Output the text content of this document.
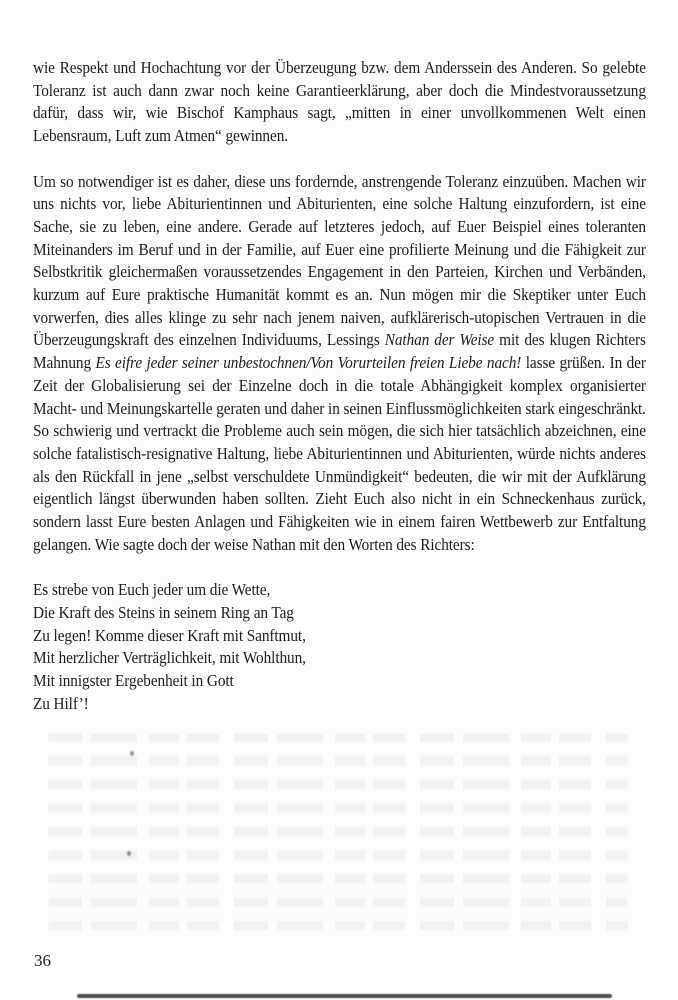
wie Respekt und Hochachtung vor der Überzeugung bzw. dem Anderssein des Anderen. So gelebte Toleranz ist auch dann zwar noch keine Garantieerklärung, aber doch die Mindestvoraussetzung dafür, dass wir, wie Bischof Kamphaus sagt, „mitten in einer unvollkommenen Welt einen Lebensraum, Luft zum Atmen“ gewinnen.

Um so notwendiger ist es daher, diese uns fordernde, anstrengende Toleranz einzuüben. Machen wir uns nichts vor, liebe Abiturientinnen und Abiturienten, eine solche Haltung einzufordern, ist eine Sache, sie zu leben, eine andere. Gerade auf letzteres jedoch, auf Euer Beispiel eines toleranten Miteinanders im Beruf und in der Familie, auf Euer eine profilierte Meinung und die Fähigkeit zur Selbstkritik gleichermaßen voraussetzendes Engagement in den Parteien, Kirchen und Verbänden, kurzum auf Eure praktische Humanität kommt es an. Nun mögen mir die Skeptiker unter Euch vorwerfen, dies alles klinge zu sehr nach jenem naiven, aufklärerisch-utopischen Vertrauen in die Überzeugungskraft des einzelnen Individuums, Lessings Nathan der Weise mit des klugen Richters Mahnung Es eifre jeder seiner unbestochnen/Von Vorurteilen freien Liebe nach! lasse grüßen. In der Zeit der Globalisierung sei der Einzelne doch in die totale Abhängigkeit komplex organisierter Macht- und Meinungskartelle geraten und daher in seinen Einflussmöglichkeiten stark eingeschränkt. So schwierig und vertrackt die Probleme auch sein mögen, die sich hier tatsächlich abzeichnen, eine solche fatalistisch-resignative Haltung, liebe Abiturientinnen und Abiturienten, würde nichts anderes als den Rückfall in jene „selbst verschuldete Unmündigkeit“ bedeuten, die wir mit der Aufklärung eigentlich längst überwunden haben sollten. Zieht Euch also nicht in ein Schneckenhaus zurück, sondern lasst Eure besten Anlagen und Fähigkeiten wie in einem fairen Wettbewerb zur Entfaltung gelangen. Wie sagte doch der weise Nathan mit den Worten des Richters:

Es strebe von Euch jeder um die Wette,
Die Kraft des Steins in seinem Ring an Tag
Zu legen! Komme dieser Kraft mit Sanftmut,
Mit herzlicher Verträglichkeit, mit Wohlthun,
Mit innigster Ergebenheit in Gott
Zu Hilf’!
36
